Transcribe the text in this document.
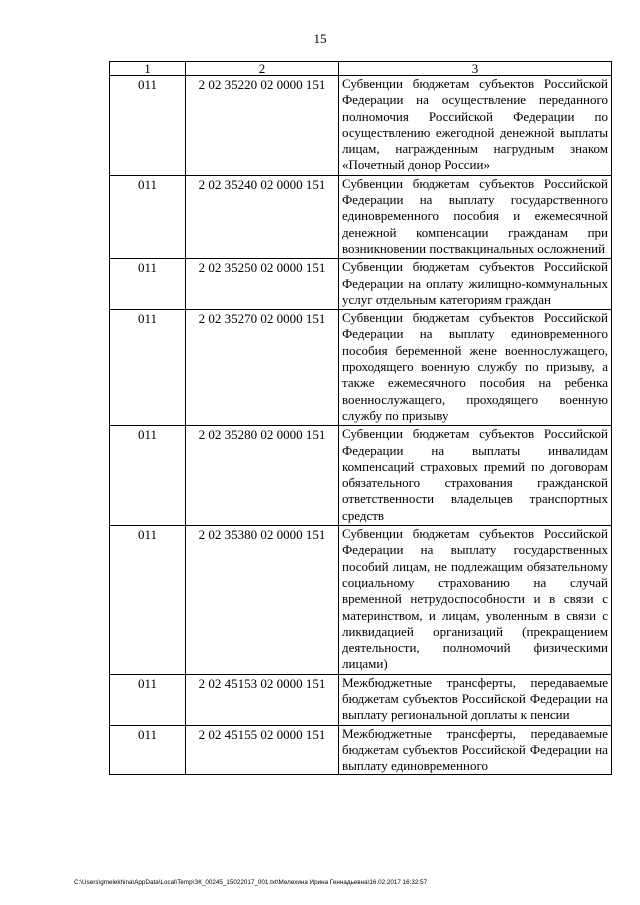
15
1	2	3
011	2 02 35220 02 0000 151	Субвенции бюджетам субъектов Российской Федерации на осуществление переданного полномочия Российской Федерации по осуществлению ежегодной денежной выплаты лицам, награжденным нагрудным знаком «Почетный донор России»
011	2 02 35240 02 0000 151	Субвенции бюджетам субъектов Российской Федерации на выплату государственного единовременного пособия и ежемесячной денежной компенсации гражданам при возникновении поствакцинальных осложнений
011	2 02 35250 02 0000 151	Субвенции бюджетам субъектов Российской Федерации на оплату жилищно-коммунальных услуг отдельным категориям граждан
011	2 02 35270 02 0000 151	Субвенции бюджетам субъектов Российской Федерации на выплату единовременного пособия беременной жене военнослужащего, проходящего военную службу по призыву, а также ежемесячного пособия на ребенка военнослужащего, проходящего военную службу по призыву
011	2 02 35280 02 0000 151	Субвенции бюджетам субъектов Российской Федерации на выплаты инвалидам компенсаций страховых премий по договорам обязательного страхования гражданской ответственности владельцев транспортных средств
011	2 02 35380 02 0000 151	Субвенции бюджетам субъектов Российской Федерации на выплату государственных пособий лицам, не подлежащим обязательному социальному страхованию на случай временной нетрудоспособности и в связи с материнством, и лицам, уволенным в связи с ликвидацией организаций (прекращением деятельности, полномочий физическими лицами)
011	2 02 45153 02 0000 151	Межбюджетные трансферты, передаваемые бюджетам субъектов Российской Федерации на выплату региональной доплаты к пенсии
011	2 02 45155 02 0000 151	Межбюджетные трансферты, передаваемые бюджетам субъектов Российской Федерации на выплату единовременного
C:\Users\gmelekhina\AppData\Local\Temp\ЗК_00245_15022017_001.txt\Мелехина Ирина Геннадьевна\16.02.2017 16:32:57
